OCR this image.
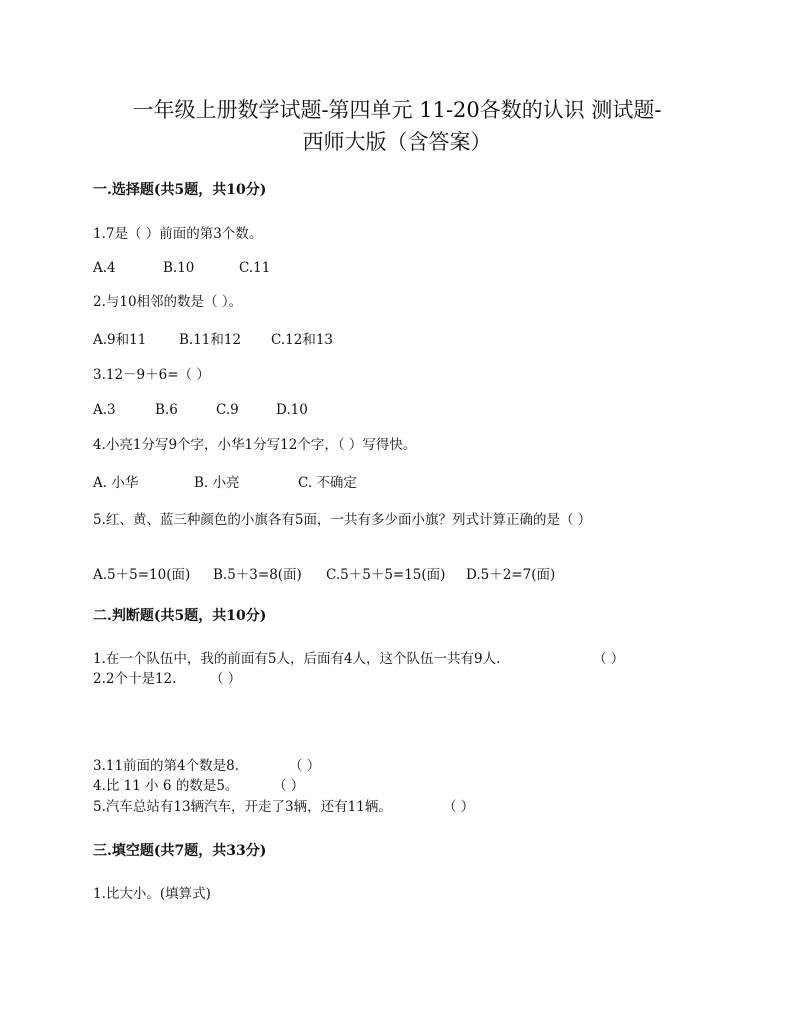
一年级上册数学试题-第四单元 11-20各数的认识 测试题-
西师大版（含答案）
一.选择题(共5题，共10分)
1.7是（ ）前面的第3个数。
A.4	B.10	C.11
2.与10相邻的数是（ ）。
A.9和11 B.11和12 C.12和13
3.12－9＋6=（ ）
A.3	B.6	C.9	D.10
4.小亮1分写9个字，小华1分写12个字，（ ）写得快。
A. 小华	B. 小亮	C. 不确定
5.红、黄、蓝三种颜色的小旗各有5面，一共有多少面小旗？列式计算正确的是（ ）
A.5＋5=10(面) B.5＋3=8(面) C.5＋5＋5=15(面) D.5＋2=7(面)
二.判断题(共5题，共10分)
1.在一个队伍中，我的前面有5人，后面有4人，这个队伍一共有9人.	（ ）
2.2个十是12. （ ）
3.11前面的第4个数是8.	（ ）
4.比 11 小 6 的数是5。	（ ）
5.汽车总站有13辆汽车，开走了3辆，还有11辆。	（ ）
三.填空题(共7题，共33分)
1.比大小。(填算式)
